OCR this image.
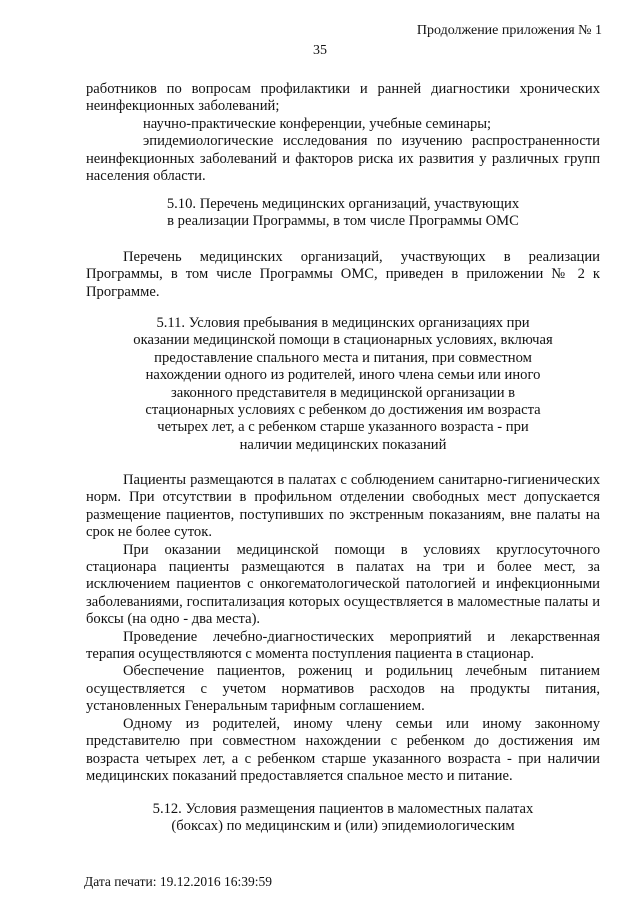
Продолжение приложения № 1
35

работников по вопросам профилактики и ранней диагностики хронических неинфекционных заболеваний;

научно-практические конференции, учебные семинары;

эпидемиологические исследования по изучению распространенности неинфекционных заболеваний и факторов риска их развития у различных групп населения области.

5.10. Перечень медицинских организаций, участвующих
в реализации Программы, в том числе Программы ОМС

Перечень медицинских организаций, участвующих в реализации Программы, в том числе Программы ОМС, приведен в приложении № 2 к Программе.

5.11. Условия пребывания в медицинских организациях при
оказании медицинской помощи в стационарных условиях, включая
предоставление спального места и питания, при совместном
нахождении одного из родителей, иного члена семьи или иного
законного представителя в медицинской организации в
стационарных условиях с ребенком до достижения им возраста
четырех лет, а с ребенком старше указанного возраста - при
наличии медицинских показаний

Пациенты размещаются в палатах с соблюдением санитарно-гигиенических норм. При отсутствии в профильном отделении свободных мест допускается размещение пациентов, поступивших по экстренным показаниям, вне палаты на срок не более суток.

При оказании медицинской помощи в условиях круглосуточного стационара пациенты размещаются в палатах на три и более мест, за исключением пациентов с онкогематологической патологией и инфекционными заболеваниями, госпитализация которых осуществляется в маломестные палаты и боксы (на одно - два места).

Проведение лечебно-диагностических мероприятий и лекарственная терапия осуществляются с момента поступления пациента в стационар.

Обеспечение пациентов, рожениц и родильниц лечебным питанием осуществляется с учетом нормативов расходов на продукты питания, установленных Генеральным тарифным соглашением.

Одному из родителей, иному члену семьи или иному законному представителю при совместном нахождении с ребенком до достижения им возраста четырех лет, а с ребенком старше указанного возраста - при наличии медицинских показаний предоставляется спальное место и питание.

5.12. Условия размещения пациентов в маломестных палатах
(боксах) по медицинским и (или) эпидемиологическим
Дата печати: 19.12.2016 16:39:59
